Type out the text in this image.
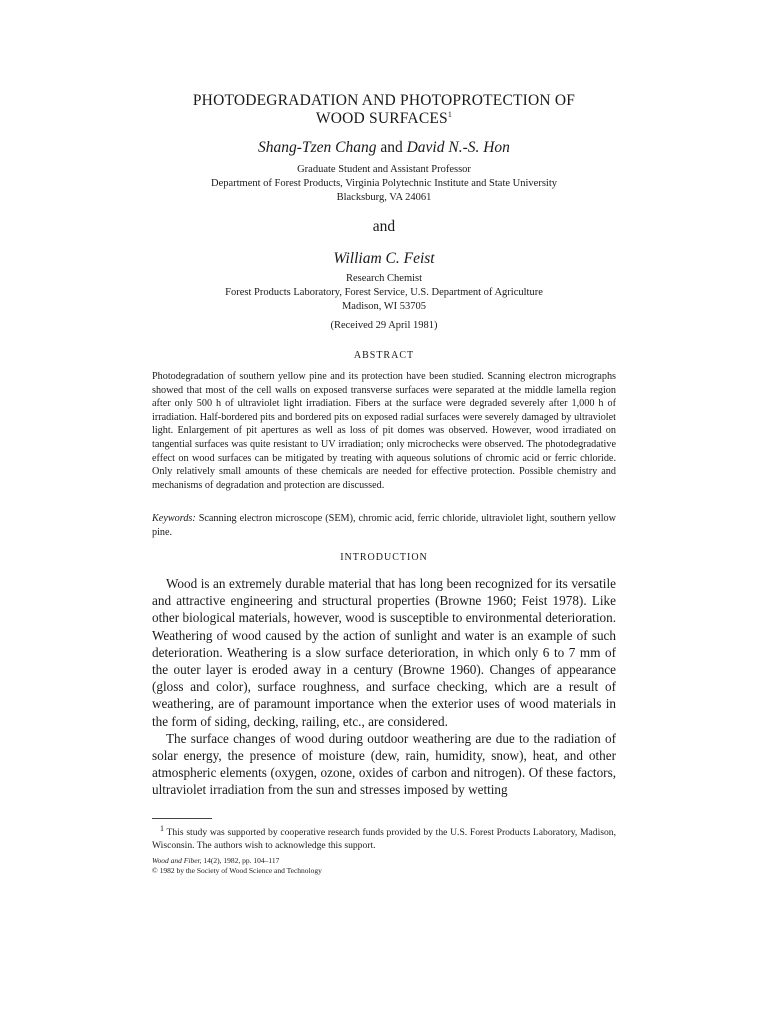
PHOTODEGRADATION AND PHOTOPROTECTION OF
WOOD SURFACES$^1$
Shang-Tzen Chang and David N.-S. Hon
Graduate Student and Assistant Professor
Department of Forest Products, Virginia Polytechnic Institute and State University
Blacksburg, VA 24061
and
William C. Feist
Research Chemist
Forest Products Laboratory, Forest Service, U.S. Department of Agriculture
Madison, WI 53705
(Received 29 April 1981)
ABSTRACT

Photodegradation of southern yellow pine and its protection have been studied. Scanning electron micrographs showed that most of the cell walls on exposed transverse surfaces were separated at the middle lamella region after only 500 h of ultraviolet light irradiation. Fibers at the surface were degraded severely after 1,000 h of irradiation. Half-bordered pits and bordered pits on exposed radial surfaces were severely damaged by ultraviolet light. Enlargement of pit apertures as well as loss of pit domes was observed. However, wood irradiated on tangential surfaces was quite resistant to UV irradiation; only microchecks were observed. The photodegradative effect on wood surfaces can be mitigated by treating with aqueous solutions of chromic acid or ferric chloride. Only relatively small amounts of these chemicals are needed for effective protection. Possible chemistry and mechanisms of degradation and protection are discussed.

Keywords: Scanning electron microscope (SEM), chromic acid, ferric chloride, ultraviolet light, southern yellow pine.

INTRODUCTION

Wood is an extremely durable material that has long been recognized for its versatile and attractive engineering and structural properties (Browne 1960; Feist 1978). Like other biological materials, however, wood is susceptible to environmental deterioration. Weathering of wood caused by the action of sunlight and water is an example of such deterioration. Weathering is a slow surface deterioration, in which only 6 to 7 mm of the outer layer is eroded away in a century (Browne 1960). Changes of appearance (gloss and color), surface roughness, and surface checking, which are a result of weathering, are of paramount importance when the exterior uses of wood materials in the form of siding, decking, railing, etc., are considered.

The surface changes of wood during outdoor weathering are due to the radiation of solar energy, the presence of moisture (dew, rain, humidity, snow), heat, and other atmospheric elements (oxygen, ozone, oxides of carbon and nitrogen). Of these factors, ultraviolet irradiation from the sun and stresses imposed by wetting

$^1$ This study was supported by cooperative research funds provided by the U.S. Forest Products Laboratory, Madison, Wisconsin. The authors wish to acknowledge this support.

Wood and Fiber, 14(2), 1982, pp. 104–117
© 1982 by the Society of Wood Science and Technology
